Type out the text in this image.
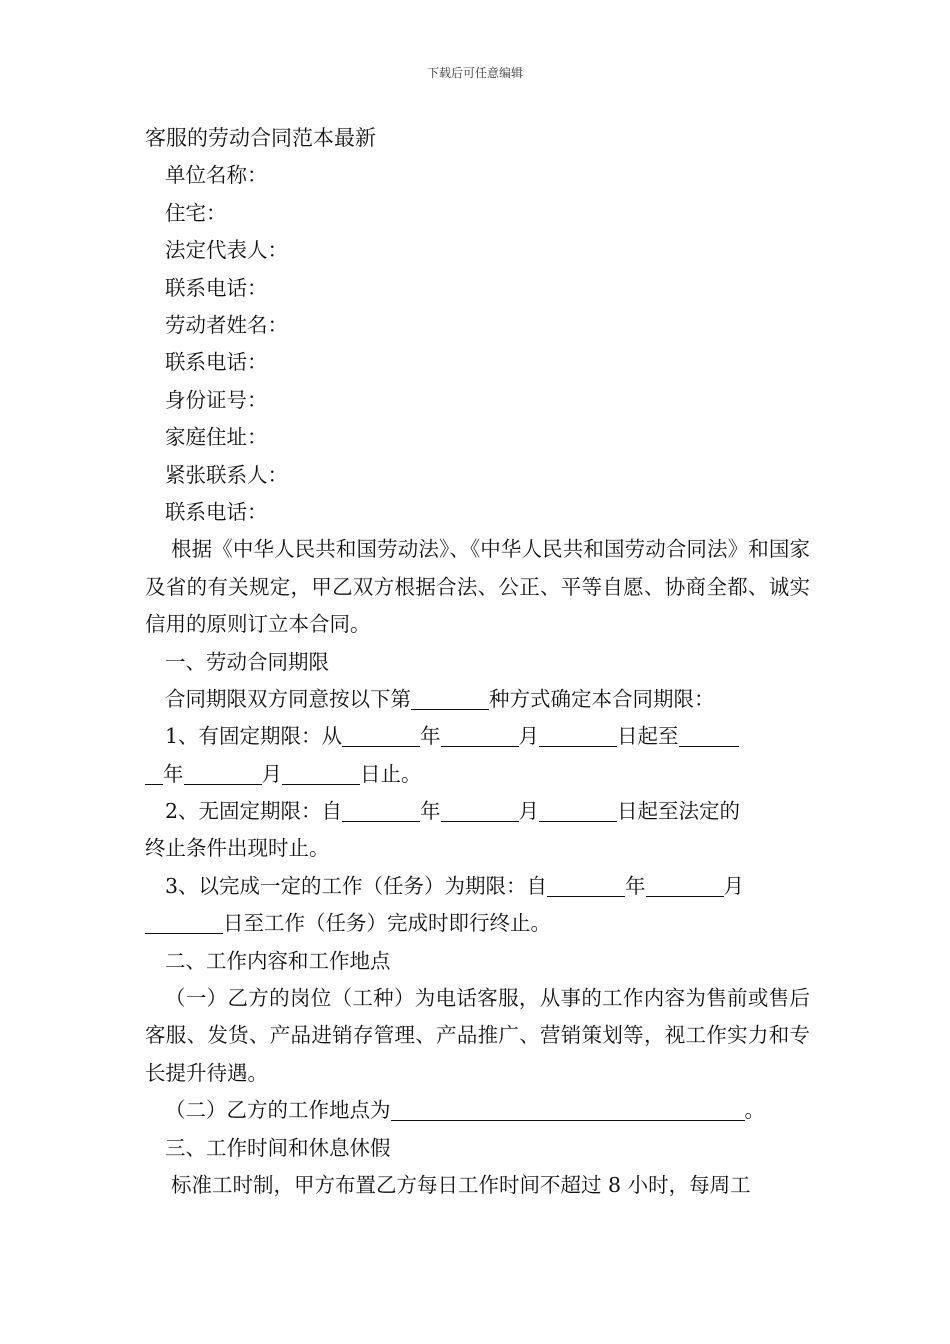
下载后可任意编辑
客服的劳动合同范本最新
单位名称：
住宅：
法定代表人：
联系电话：
劳动者姓名：
联系电话：
身份证号：
家庭住址：
紧张联系人：
联系电话：
根据《中华人民共和国劳动法》、《中华人民共和国劳动合同法》和国家及省的有关规定，甲乙双方根据合法、公正、平等自愿、协商全都、诚实信用的原则订立本合同。
一、劳动合同期限
合同期限双方同意按以下第	种方式确定本合同期限：
1、有固定期限：从	年	月	日起至
年	月	日止。
2、无固定期限：自	年	月	日起至法定的
终止条件出现时止。
3、以完成一定的工作（任务）为期限：自	年	月
日至工作（任务）完成时即行终止。
二、工作内容和工作地点
（一）乙方的岗位（工种）为电话客服，从事的工作内容为售前或售后客服、发货、产品进销存管理、产品推广、营销策划等，视工作实力和专长提升待遇。
（二）乙方的工作地点为	。
三、工作时间和休息休假
标准工时制，甲方布置乙方每日工作时间不超过 8 小时，每周工
